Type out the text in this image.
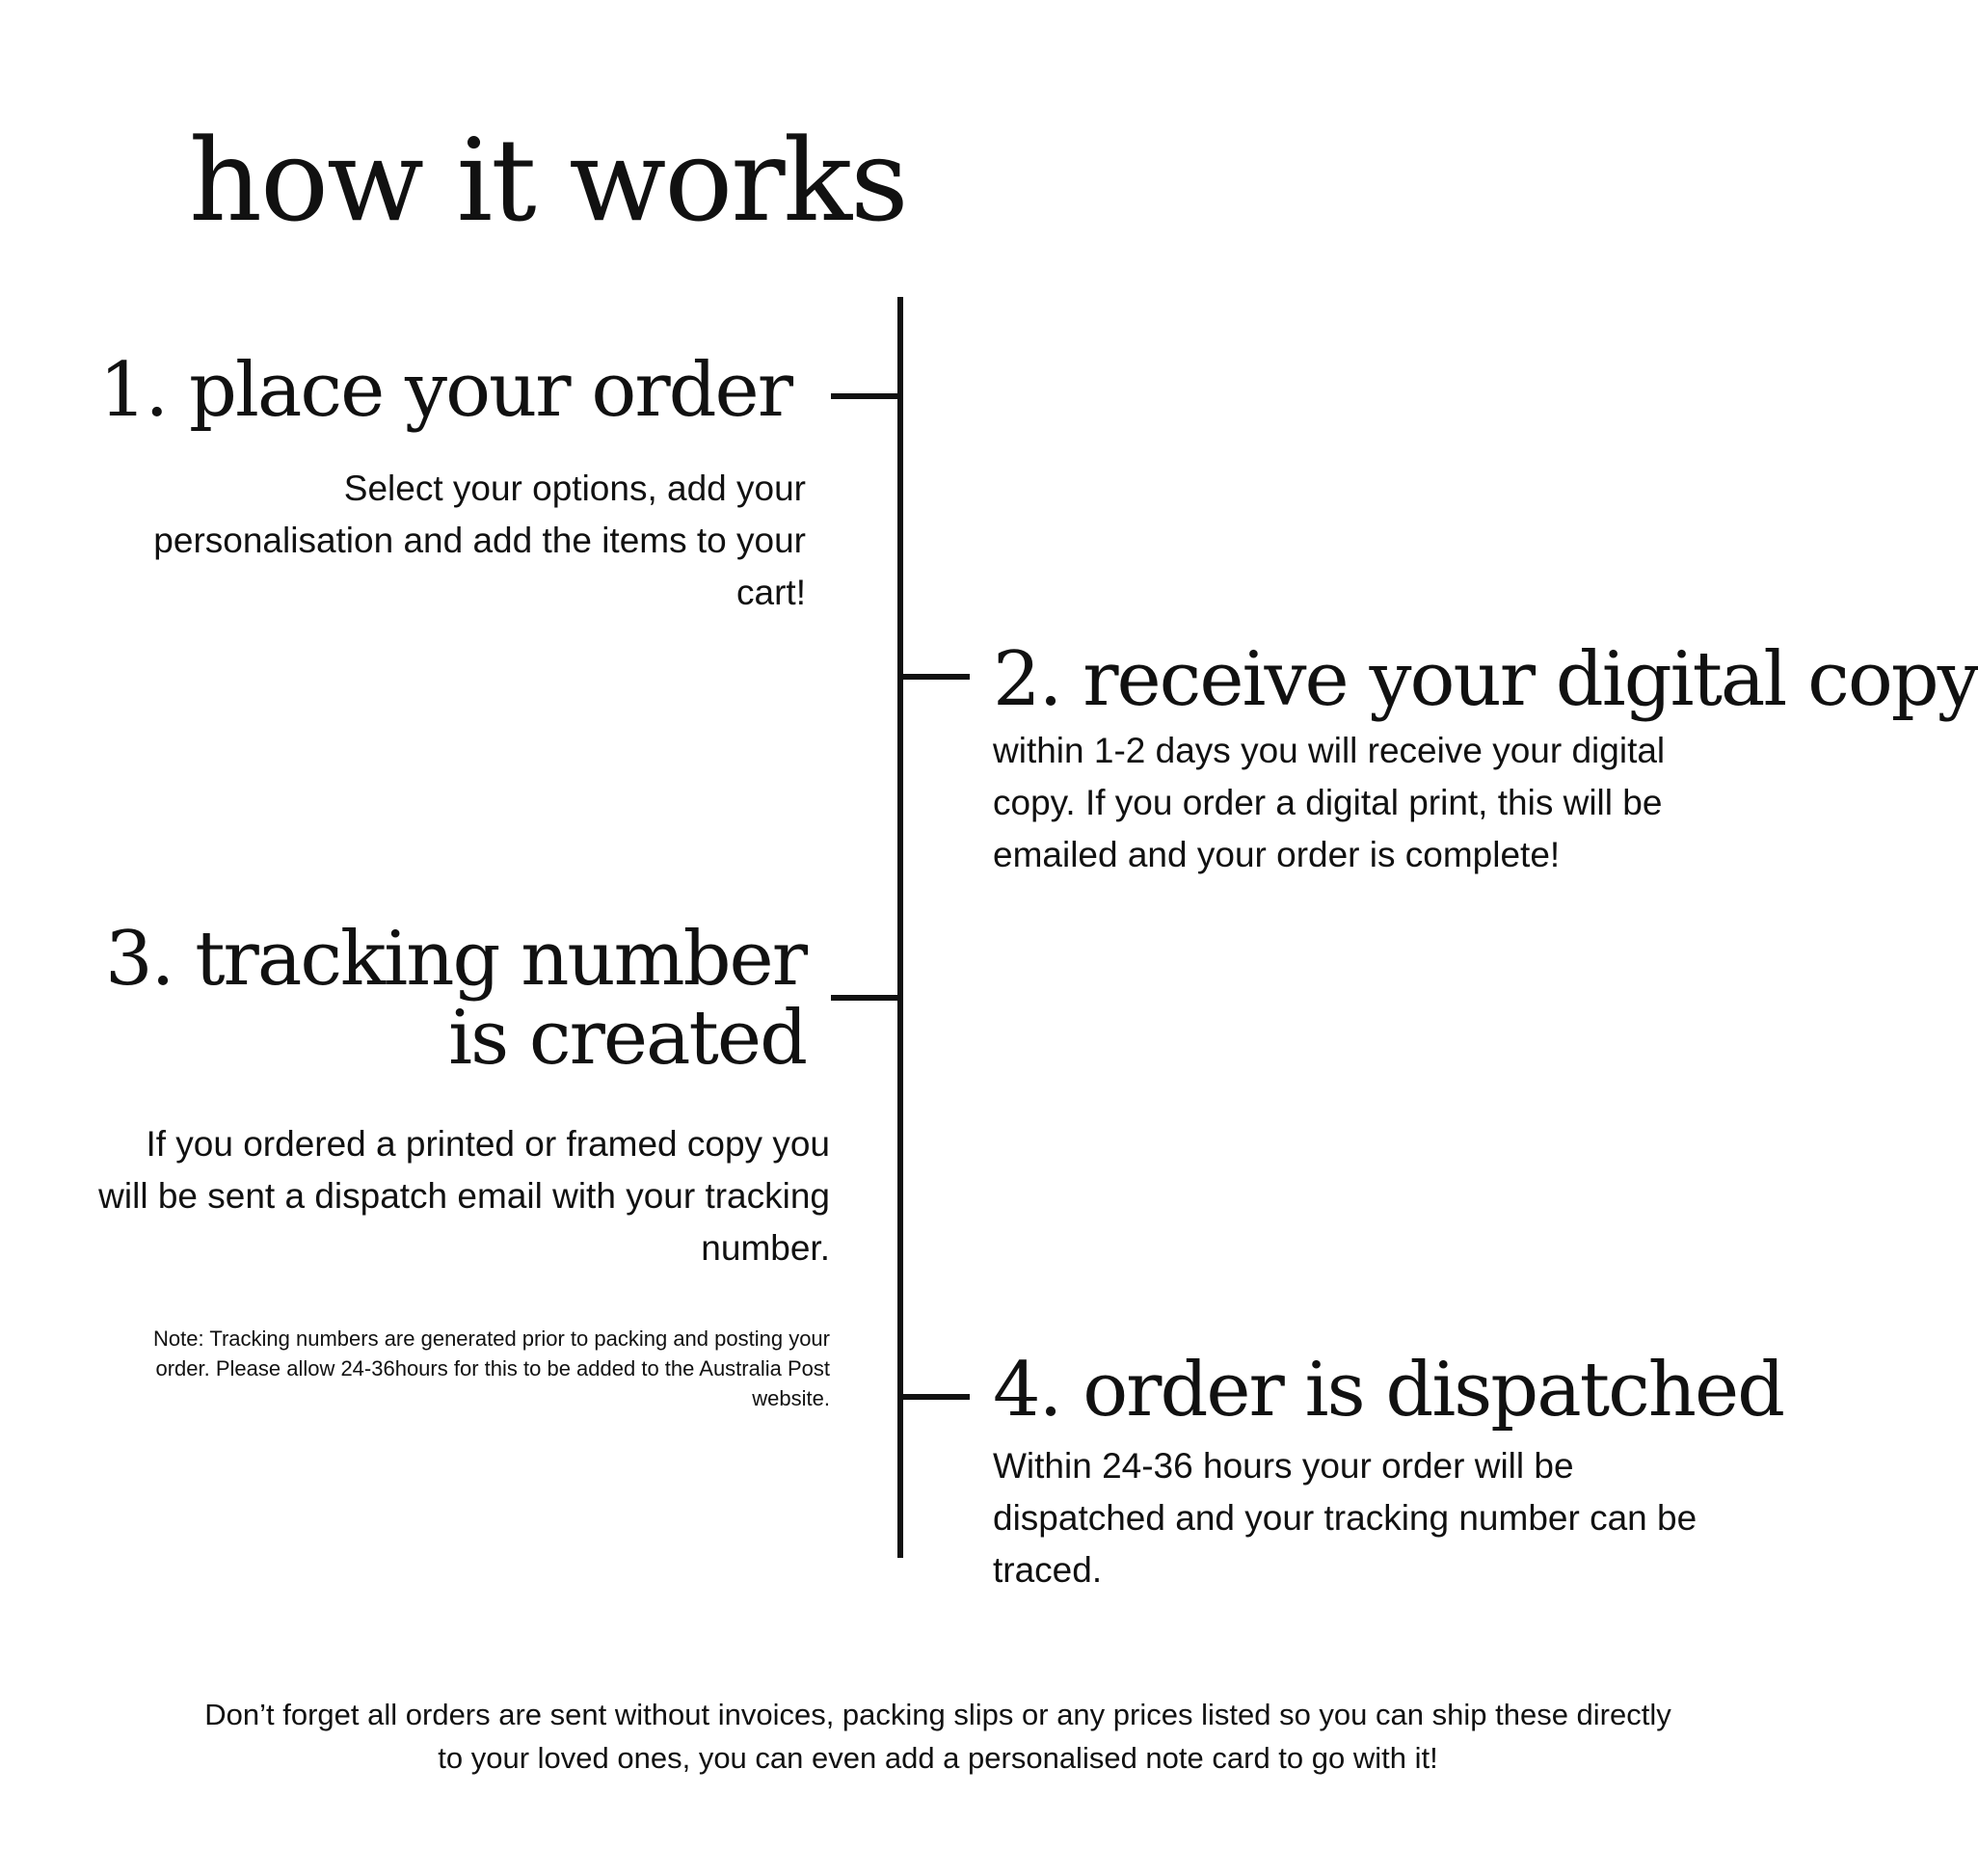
how it works
1. place your order

Select your options, add your personalisation and add the items to your cart!

2. receive your digital copy

within 1-2 days you will receive your digital copy. If you order a digital print, this will be emailed and your order is complete!

3. tracking number
is created

If you ordered a printed or framed copy you will be sent a dispatch email with your tracking number.

Note: Tracking numbers are generated prior to packing and posting your order. Please allow 24-36hours for this to be added to the Australia Post website. 4. order is dispatched

Within 24-36 hours your order will be dispatched and your tracking number can be traced.

Don’t forget all orders are sent without invoices, packing slips or any prices listed so you can ship these directly to your loved ones, you can even add a personalised note card to go with it!
